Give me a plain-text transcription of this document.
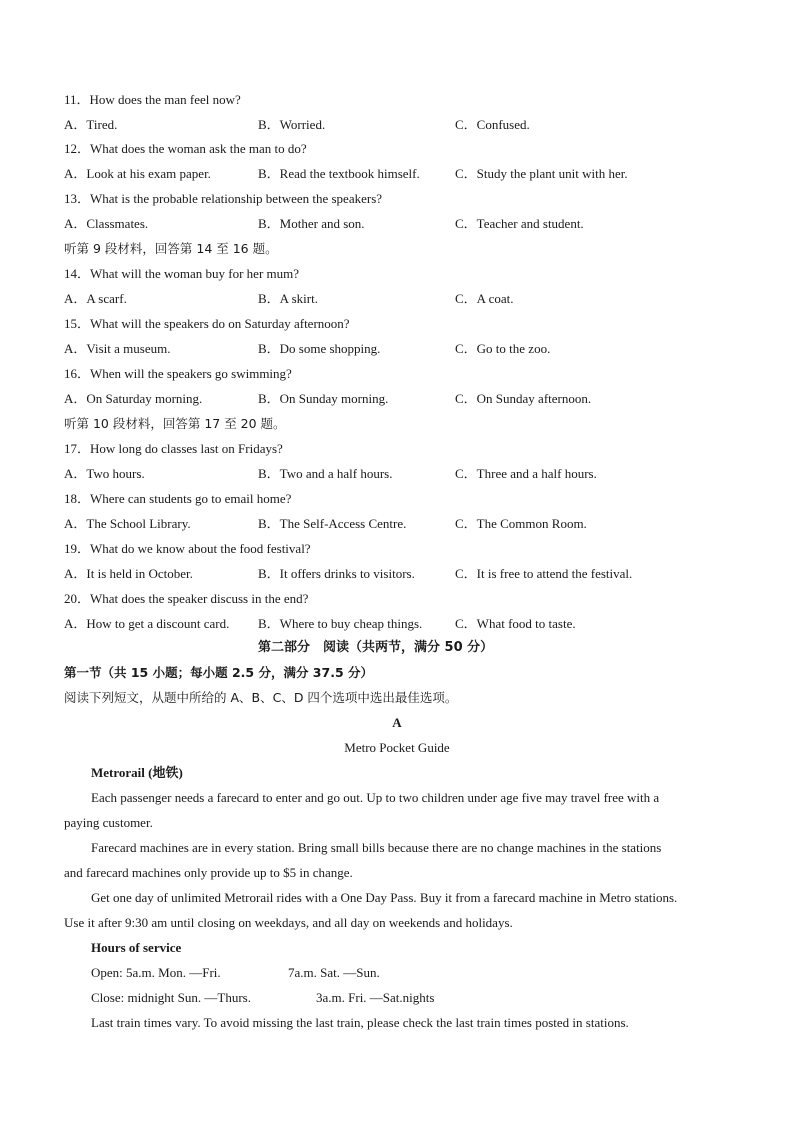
11．How does the man feel now?

A．Tired.	B．Worried.	C．Confused.

12．What does the woman ask the man to do?

A．Look at his exam paper.	B．Read the textbook himself.	C．Study the plant unit with her.

13．What is the probable relationship between the speakers?

A．Classmates.	B．Mother and son.	C．Teacher and student.

听第 9 段材料，回答第 14 至 16 题。

14．What will the woman buy for her mum?

A．A scarf.	B．A skirt.	C．A coat.

15．What will the speakers do on Saturday afternoon?

A．Visit a museum.	B．Do some shopping.	C．Go to the zoo.

16．When will the speakers go swimming?

A．On Saturday morning.	B．On Sunday morning.	C．On Sunday afternoon.

听第 10 段材料，回答第 17 至 20 题。

17．How long do classes last on Fridays?

A．Two hours.	B．Two and a half hours.	C．Three and a half hours.

18．Where can students go to email home?

A．The School Library.	B．The Self-Access Centre.	C．The Common Room.

19．What do we know about the food festival?

A．It is held in October.	B．It offers drinks to visitors.	C．It is free to attend the festival.

20．What does the speaker discuss in the end?

A．How to get a discount card. B．Where to buy cheap things.	C．What food to taste.
第二部分　阅读（共两节，满分 50 分）

第一节（共 15 小题；每小题 2.5 分，满分 37.5 分）

阅读下列短文，从题中所给的 A、B、C、D 四个选项中选出最佳选项。

A

Metro Pocket Guide

Metrorail (地铁)

Each passenger needs a farecard to enter and go out. Up to two children under age five may travel free with a

paying customer.

Farecard machines are in every station. Bring small bills because there are no change machines in the stations

and farecard machines only provide up to $5 in change.

Get one day of unlimited Metrorail rides with a One Day Pass. Buy it from a farecard machine in Metro stations.

Use it after 9:30 am until closing on weekdays, and all day on weekends and holidays.

Hours of service

Open: 5a.m. Mon. —Fri.	7a.m. Sat. —Sun.
Close: midnight Sun. —Thurs.	3a.m. Fri. —Sat.nights

Last train times vary. To avoid missing the last train, please check the last train times posted in stations.
